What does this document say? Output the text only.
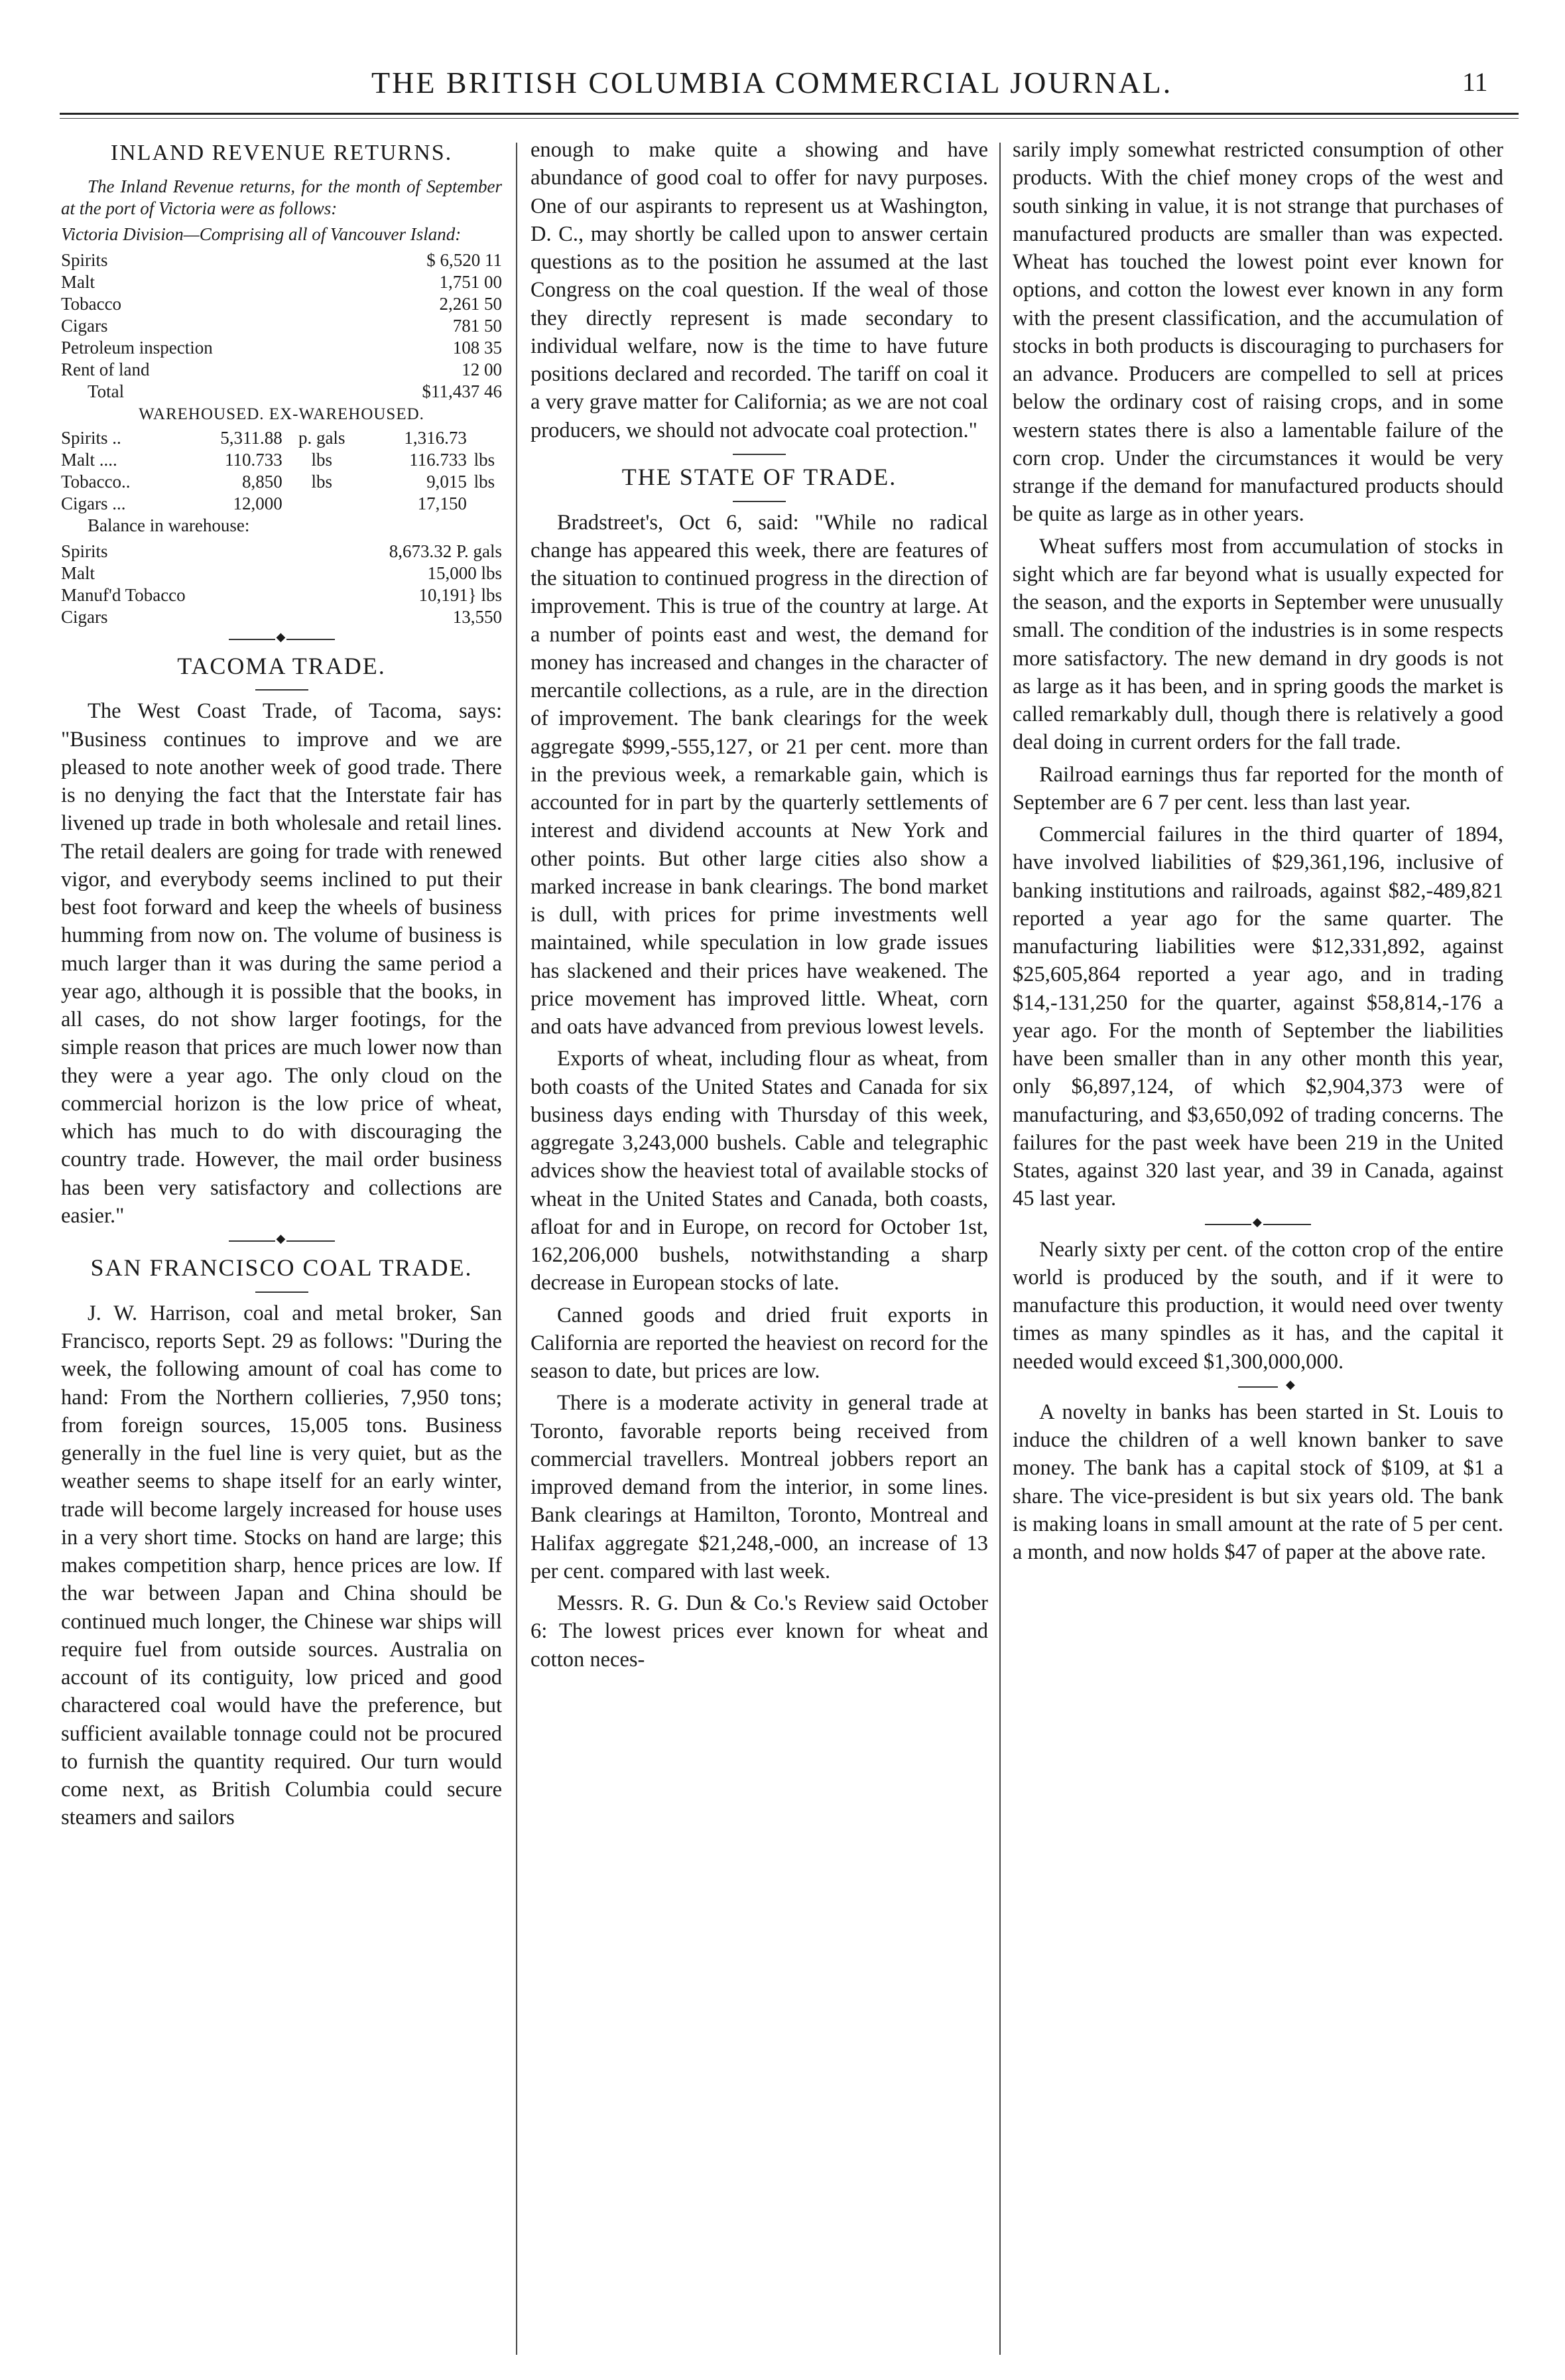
THE BRITISH COLUMBIA COMMERCIAL JOURNAL.	11
INLAND REVENUE RETURNS.

The Inland Revenue returns, for the month of September at the port of Victoria were as follows:

Victoria Division—Comprising all of Vancouver Island:

Spirits	$ 6,520 11
Malt	1,751 00
Tobacco	2,261 50
Cigars	781 50
Petroleum inspection	108 35
Rent of land	12 00
Total	$11,437 46
WAREHOUSED. EX-WAREHOUSED.
Spirits ..	5,311.88	p. gals	1,316.73	
Malt ....	110.733	lbs	116.733	lbs
Tobacco..	8,850	lbs	9,015	lbs
Cigars ...	12,000		17,150	

Balance in warehouse:

Spirits	8,673.32 P. gals
Malt	15,000 lbs
Manuf'd Tobacco	10,191} lbs
Cigars	13,550
◆
TACOMA TRADE.

The West Coast Trade, of Tacoma, says: "Business continues to improve and we are pleased to note another week of good trade. There is no denying the fact that the Interstate fair has livened up trade in both wholesale and retail lines. The retail dealers are going for trade with renewed vigor, and everybody seems inclined to put their best foot forward and keep the wheels of business humming from now on. The volume of business is much larger than it was during the same period a year ago, although it is possible that the books, in all cases, do not show larger footings, for the simple reason that prices are much lower now than they were a year ago. The only cloud on the commercial horizon is the low price of wheat, which has much to do with discouraging the country trade. However, the mail order business has been very satisfactory and collections are easier."

◆
SAN FRANCISCO COAL TRADE.

J. W. Harrison, coal and metal broker, San Francisco, reports Sept. 29 as follows: "During the week, the following amount of coal has come to hand: From the Northern collieries, 7,950 tons; from foreign sources, 15,005 tons. Business generally in the fuel line is very quiet, but as the weather seems to shape itself for an early winter, trade will become largely increased for house uses in a very short time. Stocks on hand are large; this makes competition sharp, hence prices are low. If the war between Japan and China should be continued much longer, the Chinese war ships will require fuel from outside sources. Australia on account of its contiguity, low priced and good charactered coal would have the preference, but sufficient available tonnage could not be procured to furnish the quantity required. Our turn would come next, as British Columbia could secure steamers and sailors

enough to make quite a showing and have abundance of good coal to offer for navy purposes. One of our aspirants to represent us at Washington, D. C., may shortly be called upon to answer certain questions as to the position he assumed at the last Congress on the coal question. If the weal of those they directly represent is made secondary to individual welfare, now is the time to have future positions declared and recorded. The tariff on coal it a very grave matter for California; as we are not coal producers, we should not advocate coal protection."

THE STATE OF TRADE.

Bradstreet's, Oct 6, said: "While no radical change has appeared this week, there are features of the situation to continued progress in the direction of improvement. This is true of the country at large. At a number of points east and west, the demand for money has increased and changes in the character of mercantile collections, as a rule, are in the direction of improvement. The bank clearings for the week aggregate $999,-555,127, or 21 per cent. more than in the previous week, a remarkable gain, which is accounted for in part by the quarterly settlements of interest and dividend accounts at New York and other points. But other large cities also show a marked increase in bank clearings. The bond market is dull, with prices for prime investments well maintained, while speculation in low grade issues has slackened and their prices have weakened. The price movement has improved little. Wheat, corn and oats have advanced from previous lowest levels.

Exports of wheat, including flour as wheat, from both coasts of the United States and Canada for six business days ending with Thursday of this week, aggregate 3,243,000 bushels. Cable and telegraphic advices show the heaviest total of available stocks of wheat in the United States and Canada, both coasts, afloat for and in Europe, on record for October 1st, 162,206,000 bushels, notwithstanding a sharp decrease in European stocks of late.

Canned goods and dried fruit exports in California are reported the heaviest on record for the season to date, but prices are low.

There is a moderate activity in general trade at Toronto, favorable reports being received from commercial travellers. Montreal jobbers report an improved demand from the interior, in some lines. Bank clearings at Hamilton, Toronto, Montreal and Halifax aggregate $21,248,-000, an increase of 13 per cent. compared with last week.

Messrs. R. G. Dun & Co.'s Review said October 6: The lowest prices ever known for wheat and cotton neces-

sarily imply somewhat restricted consumption of other products. With the chief money crops of the west and south sinking in value, it is not strange that purchases of manufactured products are smaller than was expected. Wheat has touched the lowest point ever known for options, and cotton the lowest ever known in any form with the present classification, and the accumulation of stocks in both products is discouraging to purchasers for an advance. Producers are compelled to sell at prices below the ordinary cost of raising crops, and in some western states there is also a lamentable failure of the corn crop. Under the circumstances it would be very strange if the demand for manufactured products should be quite as large as in other years.

Wheat suffers most from accumulation of stocks in sight which are far beyond what is usually expected for the season, and the exports in September were unusually small. The condition of the industries is in some respects more satisfactory. The new demand in dry goods is not as large as it has been, and in spring goods the market is called remarkably dull, though there is relatively a good deal doing in current orders for the fall trade.

Railroad earnings thus far reported for the month of September are 6 7 per cent. less than last year.

Commercial failures in the third quarter of 1894, have involved liabilities of $29,361,196, inclusive of banking institutions and railroads, against $82,-489,821 reported a year ago for the same quarter. The manufacturing liabilities were $12,331,892, against $25,605,864 reported a year ago, and in trading $14,-131,250 for the quarter, against $58,814,-176 a year ago. For the month of September the liabilities have been smaller than in any other month this year, only $6,897,124, of which $2,904,373 were of manufacturing, and $3,650,092 of trading concerns. The failures for the past week have been 219 in the United States, against 320 last year, and 39 in Canada, against 45 last year.

◆

Nearly sixty per cent. of the cotton crop of the entire world is produced by the south, and if it were to manufacture this production, it would need over twenty times as many spindles as it has, and the capital it needed would exceed $1,300,000,000.

◆

A novelty in banks has been started in St. Louis to induce the children of a well known banker to save money. The bank has a capital stock of $109, at $1 a share. The vice-president is but six years old. The bank is making loans in small amount at the rate of 5 per cent. a month, and now holds $47 of paper at the above rate.
